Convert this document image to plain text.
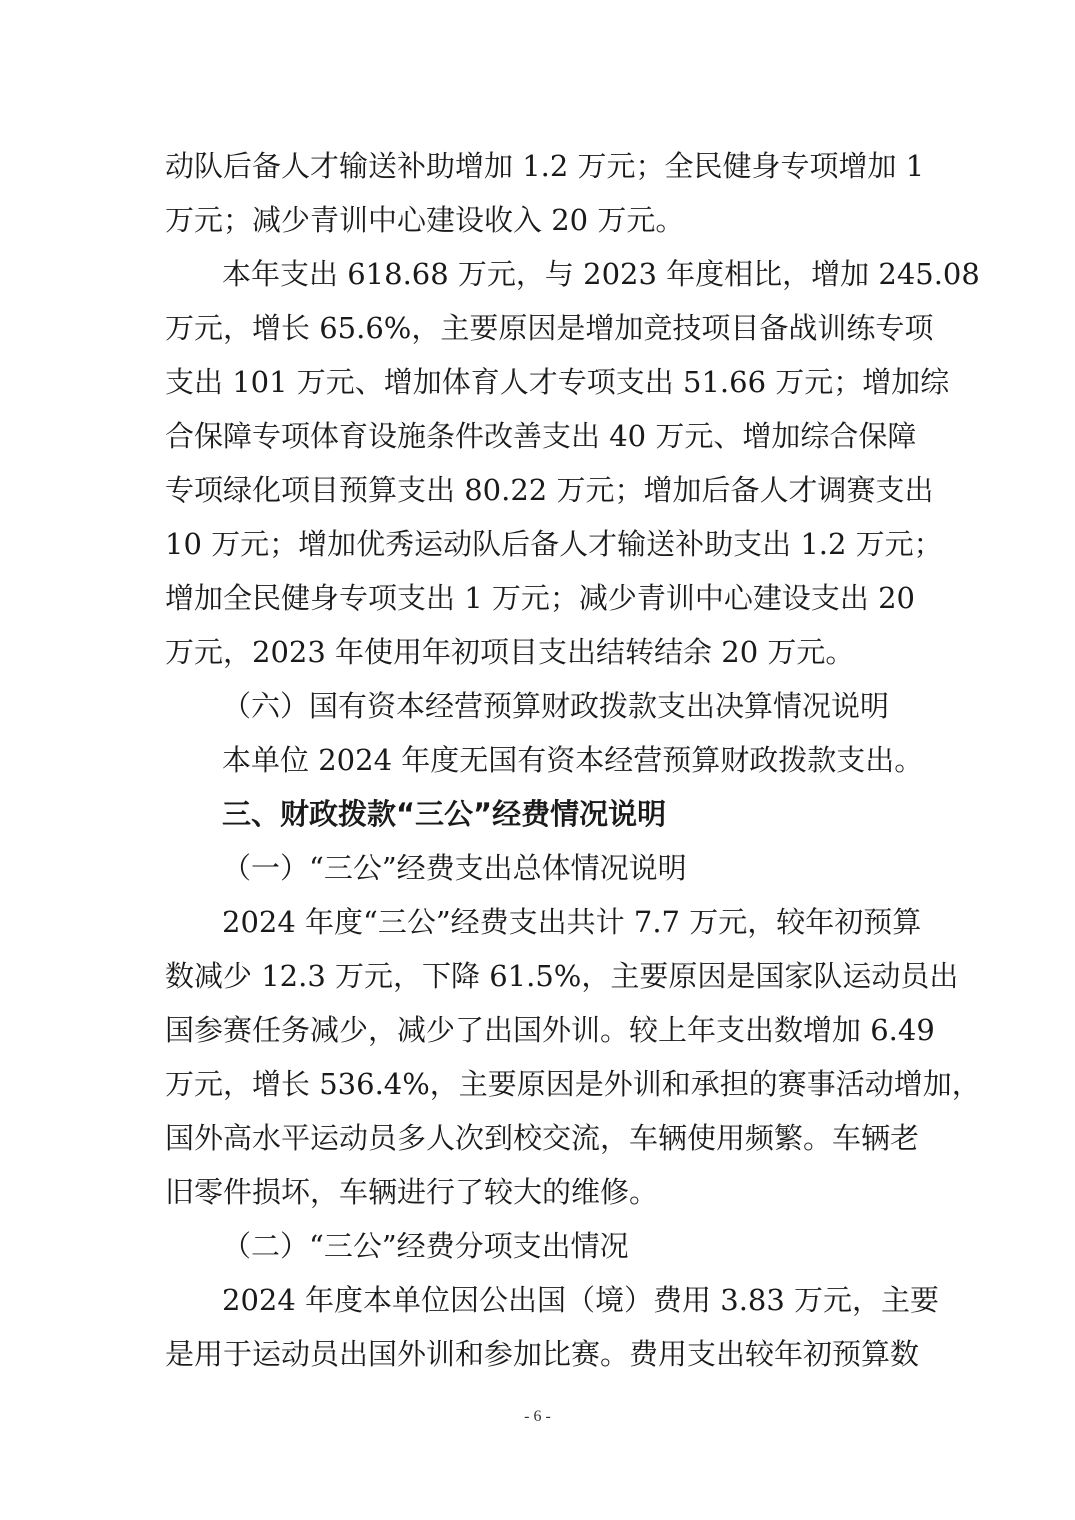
动队后备人才输送补助增加 1.2 万元；全民健身专项增加 1
万元；减少青训中心建设收入 20 万元。
本年支出 618.68 万元，与 2023 年度相比，增加 245.08
万元，增长 65.6%，主要原因是增加竞技项目备战训练专项
支出 101 万元、增加体育人才专项支出 51.66 万元；增加综
合保障专项体育设施条件改善支出 40 万元、增加综合保障
专项绿化项目预算支出 80.22 万元；增加后备人才调赛支出
10 万元；增加优秀运动队后备人才输送补助支出 1.2 万元；
增加全民健身专项支出 1 万元；减少青训中心建设支出 20
万元，2023 年使用年初项目支出结转结余 20 万元。
（六）国有资本经营预算财政拨款支出决算情况说明
本单位 2024 年度无国有资本经营预算财政拨款支出。
三、财政拨款“三公”经费情况说明
（一）“三公”经费支出总体情况说明
2024 年度“三公”经费支出共计 7.7 万元，较年初预算
数减少 12.3 万元，下降 61.5%，主要原因是国家队运动员出
国参赛任务减少，减少了出国外训。较上年支出数增加 6.49
万元，增长 536.4%，主要原因是外训和承担的赛事活动增加，
国外高水平运动员多人次到校交流，车辆使用频繁。车辆老
旧零件损坏，车辆进行了较大的维修。
（二）“三公”经费分项支出情况
2024 年度本单位因公出国（境）费用 3.83 万元，主要
是用于运动员出国外训和参加比赛。费用支出较年初预算数
- 6 -
